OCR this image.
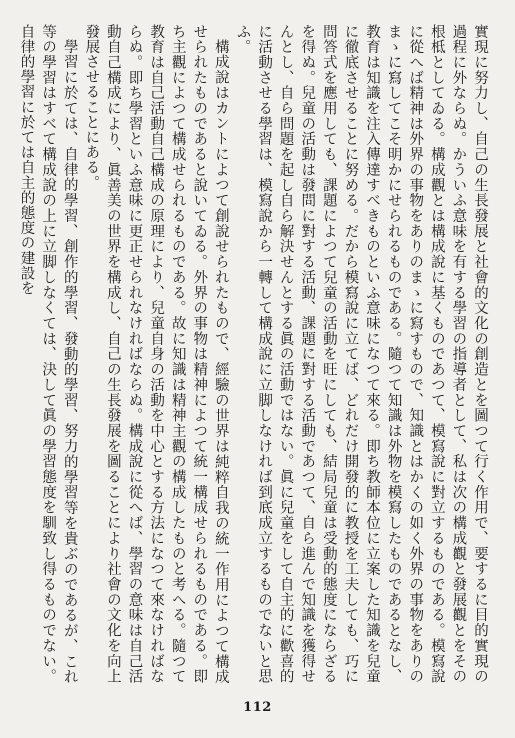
實現に努力し、自己の生長發展と社會的文化の創造とを圖つて行く作用で、要するに目的實現の過程に外ならぬ。かういふ意味を有する學習の指導者として、私は次の構成觀と發展觀とをその根柢としてゐる。構成觀とは構成說に基くものであつて、模寫說に對立するものである。模寫說に從へば精神は外界の事物をありのまゝに寫すもので、知識とはかくの如く外界の事物をありのまゝに寫してこそ明かにせられるものである。隨つて知識は外物を模寫したものであるとなし、教育は知識を注入傳達すべきものといふ意味になつて來る。即ち教師本位に立案した知識を兒童に徹底させることに努める。だから模寫說に立てば、どれだけ開發的に教授を工夫しても、巧に問答式を應用しても、課題によつて兒童の活動を旺にしても、結局兒童は受動的態度にならざるを得ぬ。兒童の活動は發問に對する活動、課題に對する活動であつて、自ら進んで知識を獲得せんとし、自ら問題を起し自ら解決せんとする眞の活動ではない。眞に兒童をして自主的に歡喜的に活動させる學習は、模寫說から一轉して構成說に立脚しなければ到底成立するものでないと思ふ。

構成說はカントによつて創說せられたもので、經驗の世界は純粹自我の統一作用によつて構成せられたものであると說いてゐる。外界の事物は精神によつて統一構成せられるものである。即ち主觀によつて構成せられるものである。故に知識は精神主觀の構成したものと考へる。隨つて教育は自己活動自己構成の原理により、兒童自身の活動を中心とする方法になつて來なければならぬ。即ち學習といふ意味に更正せられなければならぬ。構成說に從へば、學習の意味は自己活動自己構成により、眞善美の世界を構成し、自己の生長發展を圖ることにより社會の文化を向上發展させることにある。

學習に於ては、自律的學習、創作的學習、發動的學習、努力的學習等を貴ぶのであるが、これ等の學習はすべて構成說の上に立脚しなくては、決して眞の學習態度を馴致し得るものでない。自律的學習に於ては自主的態度の建設を

112
